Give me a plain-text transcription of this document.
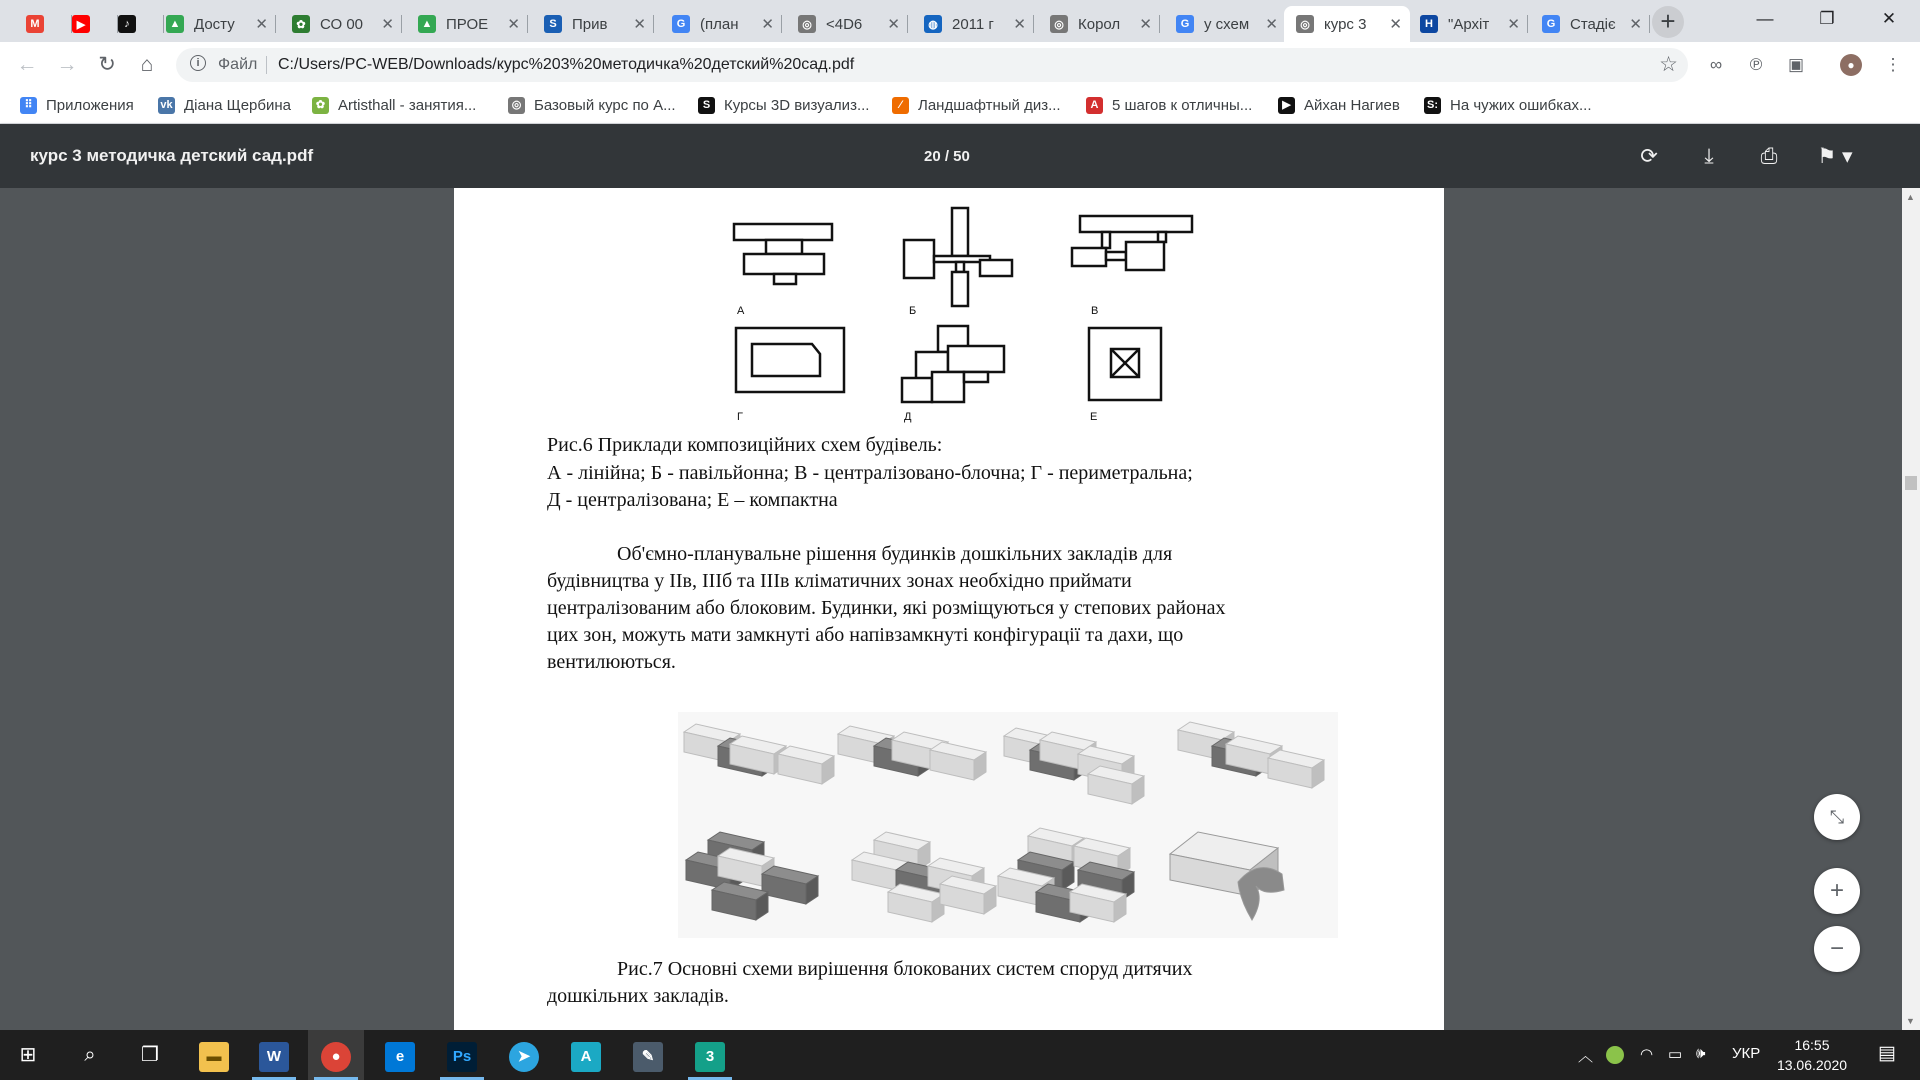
M	▶	♪	▲ Досту	✕	✿ СО 00	✕	▲ ПРОЕ	✕	S	Прив	✕	G (план	✕	◎ <4D6	✕	◍ 2011 г	✕	◎ Корол	✕	G у схем	✕	◎ курс 3	✕	H	"Архіт	✕	G Стадіє ✕ +	—	❐	✕
← → ↻	⌂	i	Файл C:/Users/PC-WEB/Downloads/курс%203%20методичка%20детский%20сад.pdf	☆ ∞ ℗ ▣	●	⋮
⠿ Приложения vk Діана Щербина	✿ Artisthall - занятия...	◎ Базовый курс по А...	S Курсы 3D визуализ...	⁄	Ландшафтный диз...	A 5 шагов к отличны...	▶ Айхан Нагиев S: На чужих ошибках...
курс 3 методичка детский сад.pdf	20 / 50	⟳	⤓	⎙	⚑ ▾
А	Б	В
Г	Д	Е
Рис.6 Приклади композиційних схем будівель:
А - лінійна; Б - павільйонна; В - централізовано-блочна; Г - периметральна;
Д - централізована; Е – компактна
Об'ємно-планувальне рішення будинків дошкільних закладів для
будівництва у ІІв, ІІІб та ІІІв кліматичних зонах необхідно приймати
централізованим або блоковим. Будинки, які розміщуються у степових районах
цих зон, можуть мати замкнуті або напівзамкнуті конфігурації та дахи, що
вентилюються.
Рис.7 Основні схеми вирішення блокованих систем споруд дитячих
дошкільних закладів.
▲
▼
⤡
+
−
⊞	⌕	❐	▬	W	●	e	Ps	➤	A	✎	3	︿	◠ ▭ 🕪 УКР	16:55
13.06.2020
▤
